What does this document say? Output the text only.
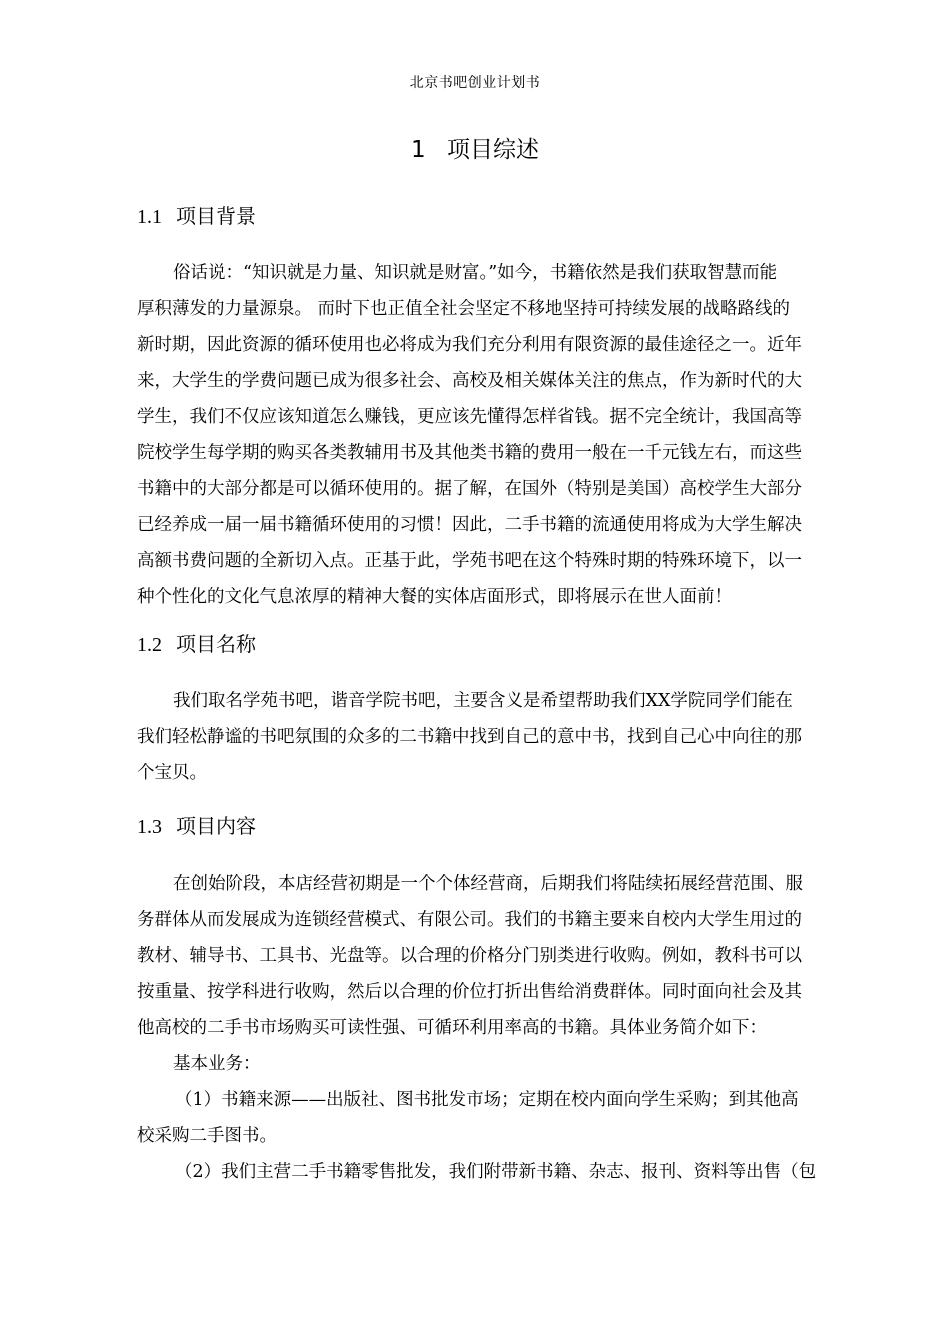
北京书吧创业计划书
1 项目综述
1.1 项目背景
俗话说：“知识就是力量、知识就是财富。”如今，书籍依然是我们获取智慧而能
厚积薄发的力量源泉。 而时下也正值全社会坚定不移地坚持可持续发展的战略路线的
新时期，因此资源的循环使用也必将成为我们充分利用有限资源的最佳途径之一。近年
来，大学生的学费问题已成为很多社会、高校及相关媒体关注的焦点，作为新时代的大
学生，我们不仅应该知道怎么赚钱，更应该先懂得怎样省钱。据不完全统计，我国高等
院校学生每学期的购买各类教辅用书及其他类书籍的费用一般在一千元钱左右，而这些
书籍中的大部分都是可以循环使用的。据了解，在国外（特别是美国）高校学生大部分
已经养成一届一届书籍循环使用的习惯！因此，二手书籍的流通使用将成为大学生解决
高额书费问题的全新切入点。正基于此，学苑书吧在这个特殊时期的特殊环境下，以一
种个性化的文化气息浓厚的精神大餐的实体店面形式，即将展示在世人面前！
1.2 项目名称
我们取名学苑书吧，谐音学院书吧，主要含义是希望帮助我们XX学院同学们能在
我们轻松静谧的书吧氛围的众多的二书籍中找到自己的意中书，找到自己心中向往的那
个宝贝。
1.3 项目内容
在创始阶段，本店经营初期是一个个体经营商，后期我们将陆续拓展经营范围、服
务群体从而发展成为连锁经营模式、有限公司。我们的书籍主要来自校内大学生用过的
教材、辅导书、工具书、光盘等。以合理的价格分门别类进行收购。例如，教科书可以
按重量、按学科进行收购，然后以合理的价位打折出售给消费群体。同时面向社会及其
他高校的二手书市场购买可读性强、可循环利用率高的书籍。具体业务简介如下：
基本业务：
（1）书籍来源——出版社、图书批发市场；定期在校内面向学生采购；到其他高
校采购二手图书。
（2）我们主营二手书籍零售批发，我们附带新书籍、杂志、报刊、资料等出售（包
